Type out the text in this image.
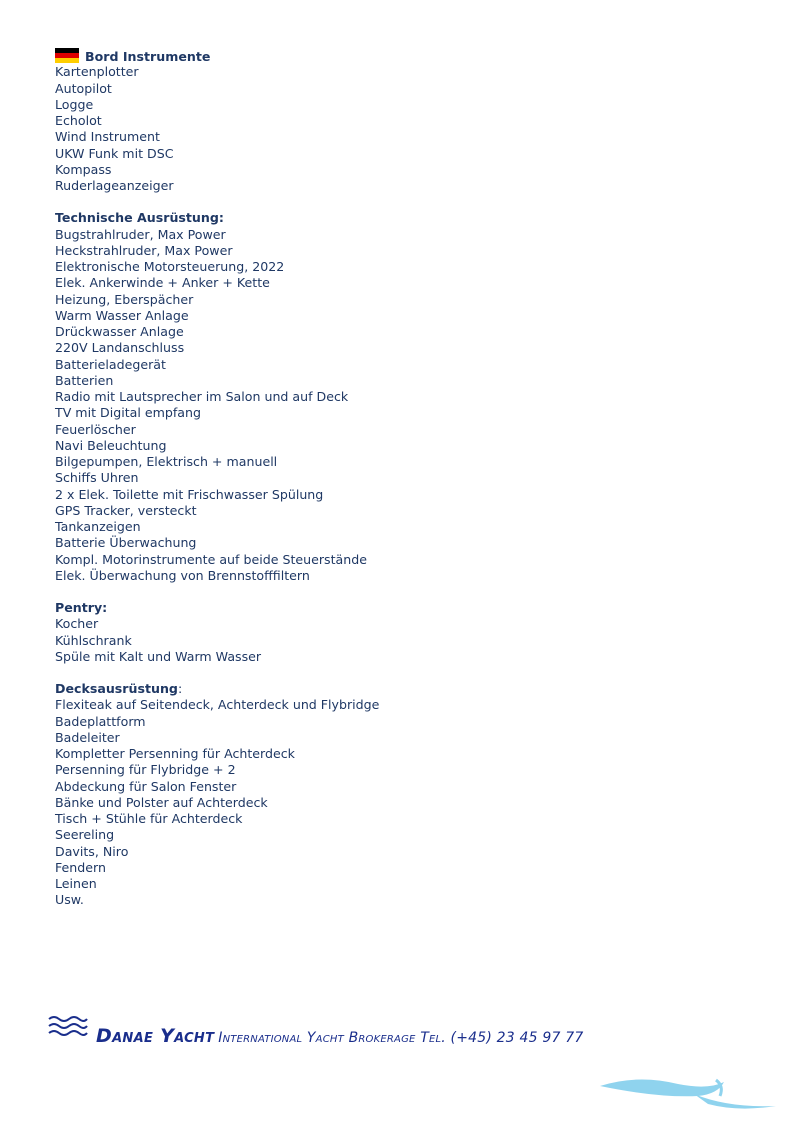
Bord Instrumente
Kartenplotter
Autopilot
Logge
Echolot
Wind Instrument
UKW Funk mit DSC
Kompass
Ruderlageanzeiger
Technische Ausrüstung:
Bugstrahlruder, Max Power
Heckstrahlruder, Max Power
Elektronische Motorsteuerung, 2022
Elek. Ankerwinde + Anker + Kette
Heizung, Eberspächer
Warm Wasser Anlage
Drückwasser Anlage
220V Landanschluss
Batterieladegerät
Batterien
Radio mit Lautsprecher im Salon und auf Deck
TV mit Digital empfang
Feuerlöscher
Navi Beleuchtung
Bilgepumpen, Elektrisch + manuell
Schiffs Uhren
2 x Elek. Toilette mit Frischwasser Spülung
GPS Tracker, versteckt
Tankanzeigen
Batterie Überwachung
Kompl. Motorinstrumente auf beide Steuerstände
Elek. Überwachung von Brennstofffiltern
Pentry:
Kocher
Kühlschrank
Spüle mit Kalt und Warm Wasser
Decksausrüstung:
Flexiteak auf Seitendeck, Achterdeck und Flybridge
Badeplattform
Badeleiter
Kompletter Persenning für Achterdeck
Persenning für Flybridge + 2
Abdeckung für Salon Fenster
Bänke und Polster auf Achterdeck
Tisch + Stühle für Achterdeck
Seereling
Davits, Niro
Fendern
Leinen
Usw.
Danae Yacht International Yacht Brokerage Tel. (+45) 23 45 97 77
